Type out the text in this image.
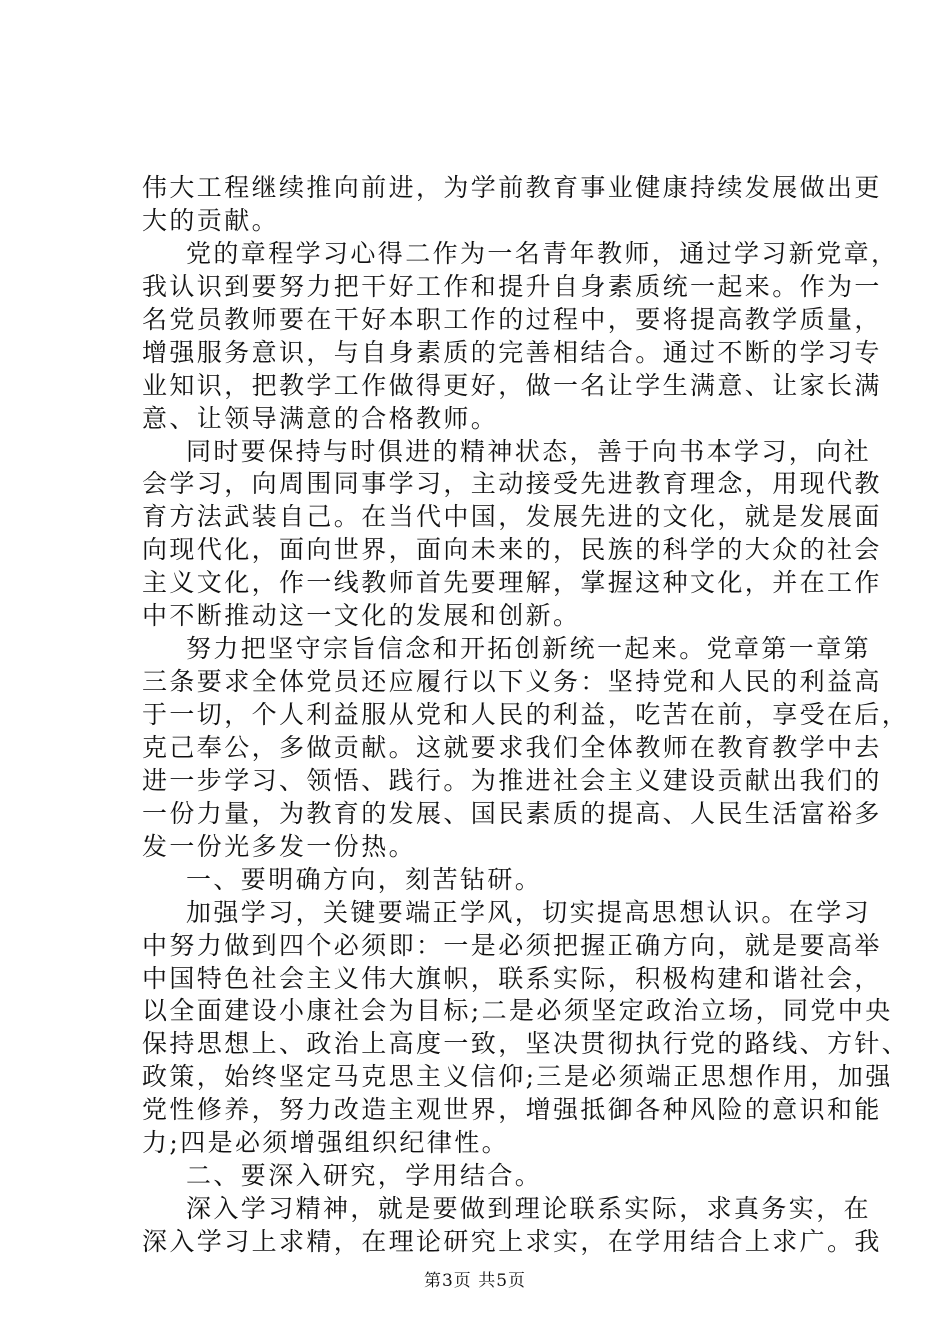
伟大工程继续推向前进，为学前教育事业健康持续发展做出更
大的贡献。
党的章程学习心得二作为一名青年教师，通过学习新党章，
我认识到要努力把干好工作和提升自身素质统一起来。作为一
名党员教师要在干好本职工作的过程中，要将提高教学质量，
增强服务意识，与自身素质的完善相结合。通过不断的学习专
业知识，把教学工作做得更好，做一名让学生满意、让家长满
意、让领导满意的合格教师。
同时要保持与时俱进的精神状态，善于向书本学习，向社
会学习，向周围同事学习，主动接受先进教育理念，用现代教
育方法武装自己。在当代中国，发展先进的文化，就是发展面
向现代化，面向世界，面向未来的，民族的科学的大众的社会
主义文化，作一线教师首先要理解，掌握这种文化，并在工作
中不断推动这一文化的发展和创新。
努力把坚守宗旨信念和开拓创新统一起来。党章第一章第
三条要求全体党员还应履行以下义务：坚持党和人民的利益高
于一切，个人利益服从党和人民的利益，吃苦在前，享受在后，
克己奉公，多做贡献。这就要求我们全体教师在教育教学中去
进一步学习、领悟、践行。为推进社会主义建设贡献出我们的
一份力量，为教育的发展、国民素质的提高、人民生活富裕多
发一份光多发一份热。
一、要明确方向，刻苦钻研。
加强学习，关键要端正学风，切实提高思想认识。在学习
中努力做到四个必须即：一是必须把握正确方向，就是要高举
中国特色社会主义伟大旗帜，联系实际，积极构建和谐社会，
以全面建设小康社会为目标;二是必须坚定政治立场，同党中央
保持思想上、政治上高度一致，坚决贯彻执行党的路线、方针、
政策，始终坚定马克思主义信仰;三是必须端正思想作用，加强
党性修养，努力改造主观世界，增强抵御各种风险的意识和能
力;四是必须增强组织纪律性。
二、要深入研究，学用结合。
深入学习精神，就是要做到理论联系实际，求真务实，在
深入学习上求精，在理论研究上求实，在学用结合上求广。我
第3页 共5页
